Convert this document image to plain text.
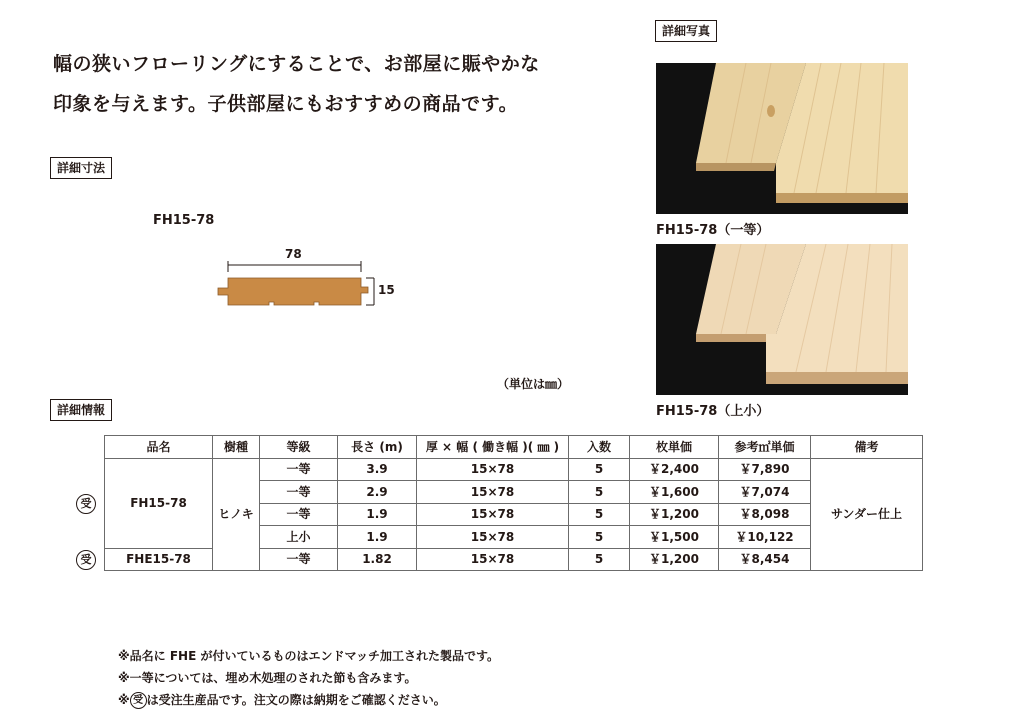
幅の狭いフローリングにすることで、お部屋に賑やかな
印象を与えます。子供部屋にもおすすめの商品です。
詳細寸法
詳細写真
詳細情報
FH15-78
78
15
（単位は㎜）
FH15-78（一等）
FH15-78（上小）
受
受
品名	樹種	等級	長さ (m)	厚 × 幅 ( 働き幅 )( ㎜ )	入数	枚単価	参考㎡単価	備考
FH15-78	ヒノキ	一等	3.9	15×78	5	￥2,400	￥7,890	サンダー仕上
		一等	2.9	15×78	5	￥1,600	￥7,074	
		一等	1.9	15×78	5	￥1,200	￥8,098	
		上小	1.9	15×78	5	￥1,500	￥10,122	
FHE15-78		一等	1.82	15×78	5	￥1,200	￥8,454	
※品名に FHE が付いているものはエンドマッチ加工された製品です。
※一等については、埋め木処理のされた節も含みます。
※ 受 は受注生産品です。注文の際は納期をご確認ください。
